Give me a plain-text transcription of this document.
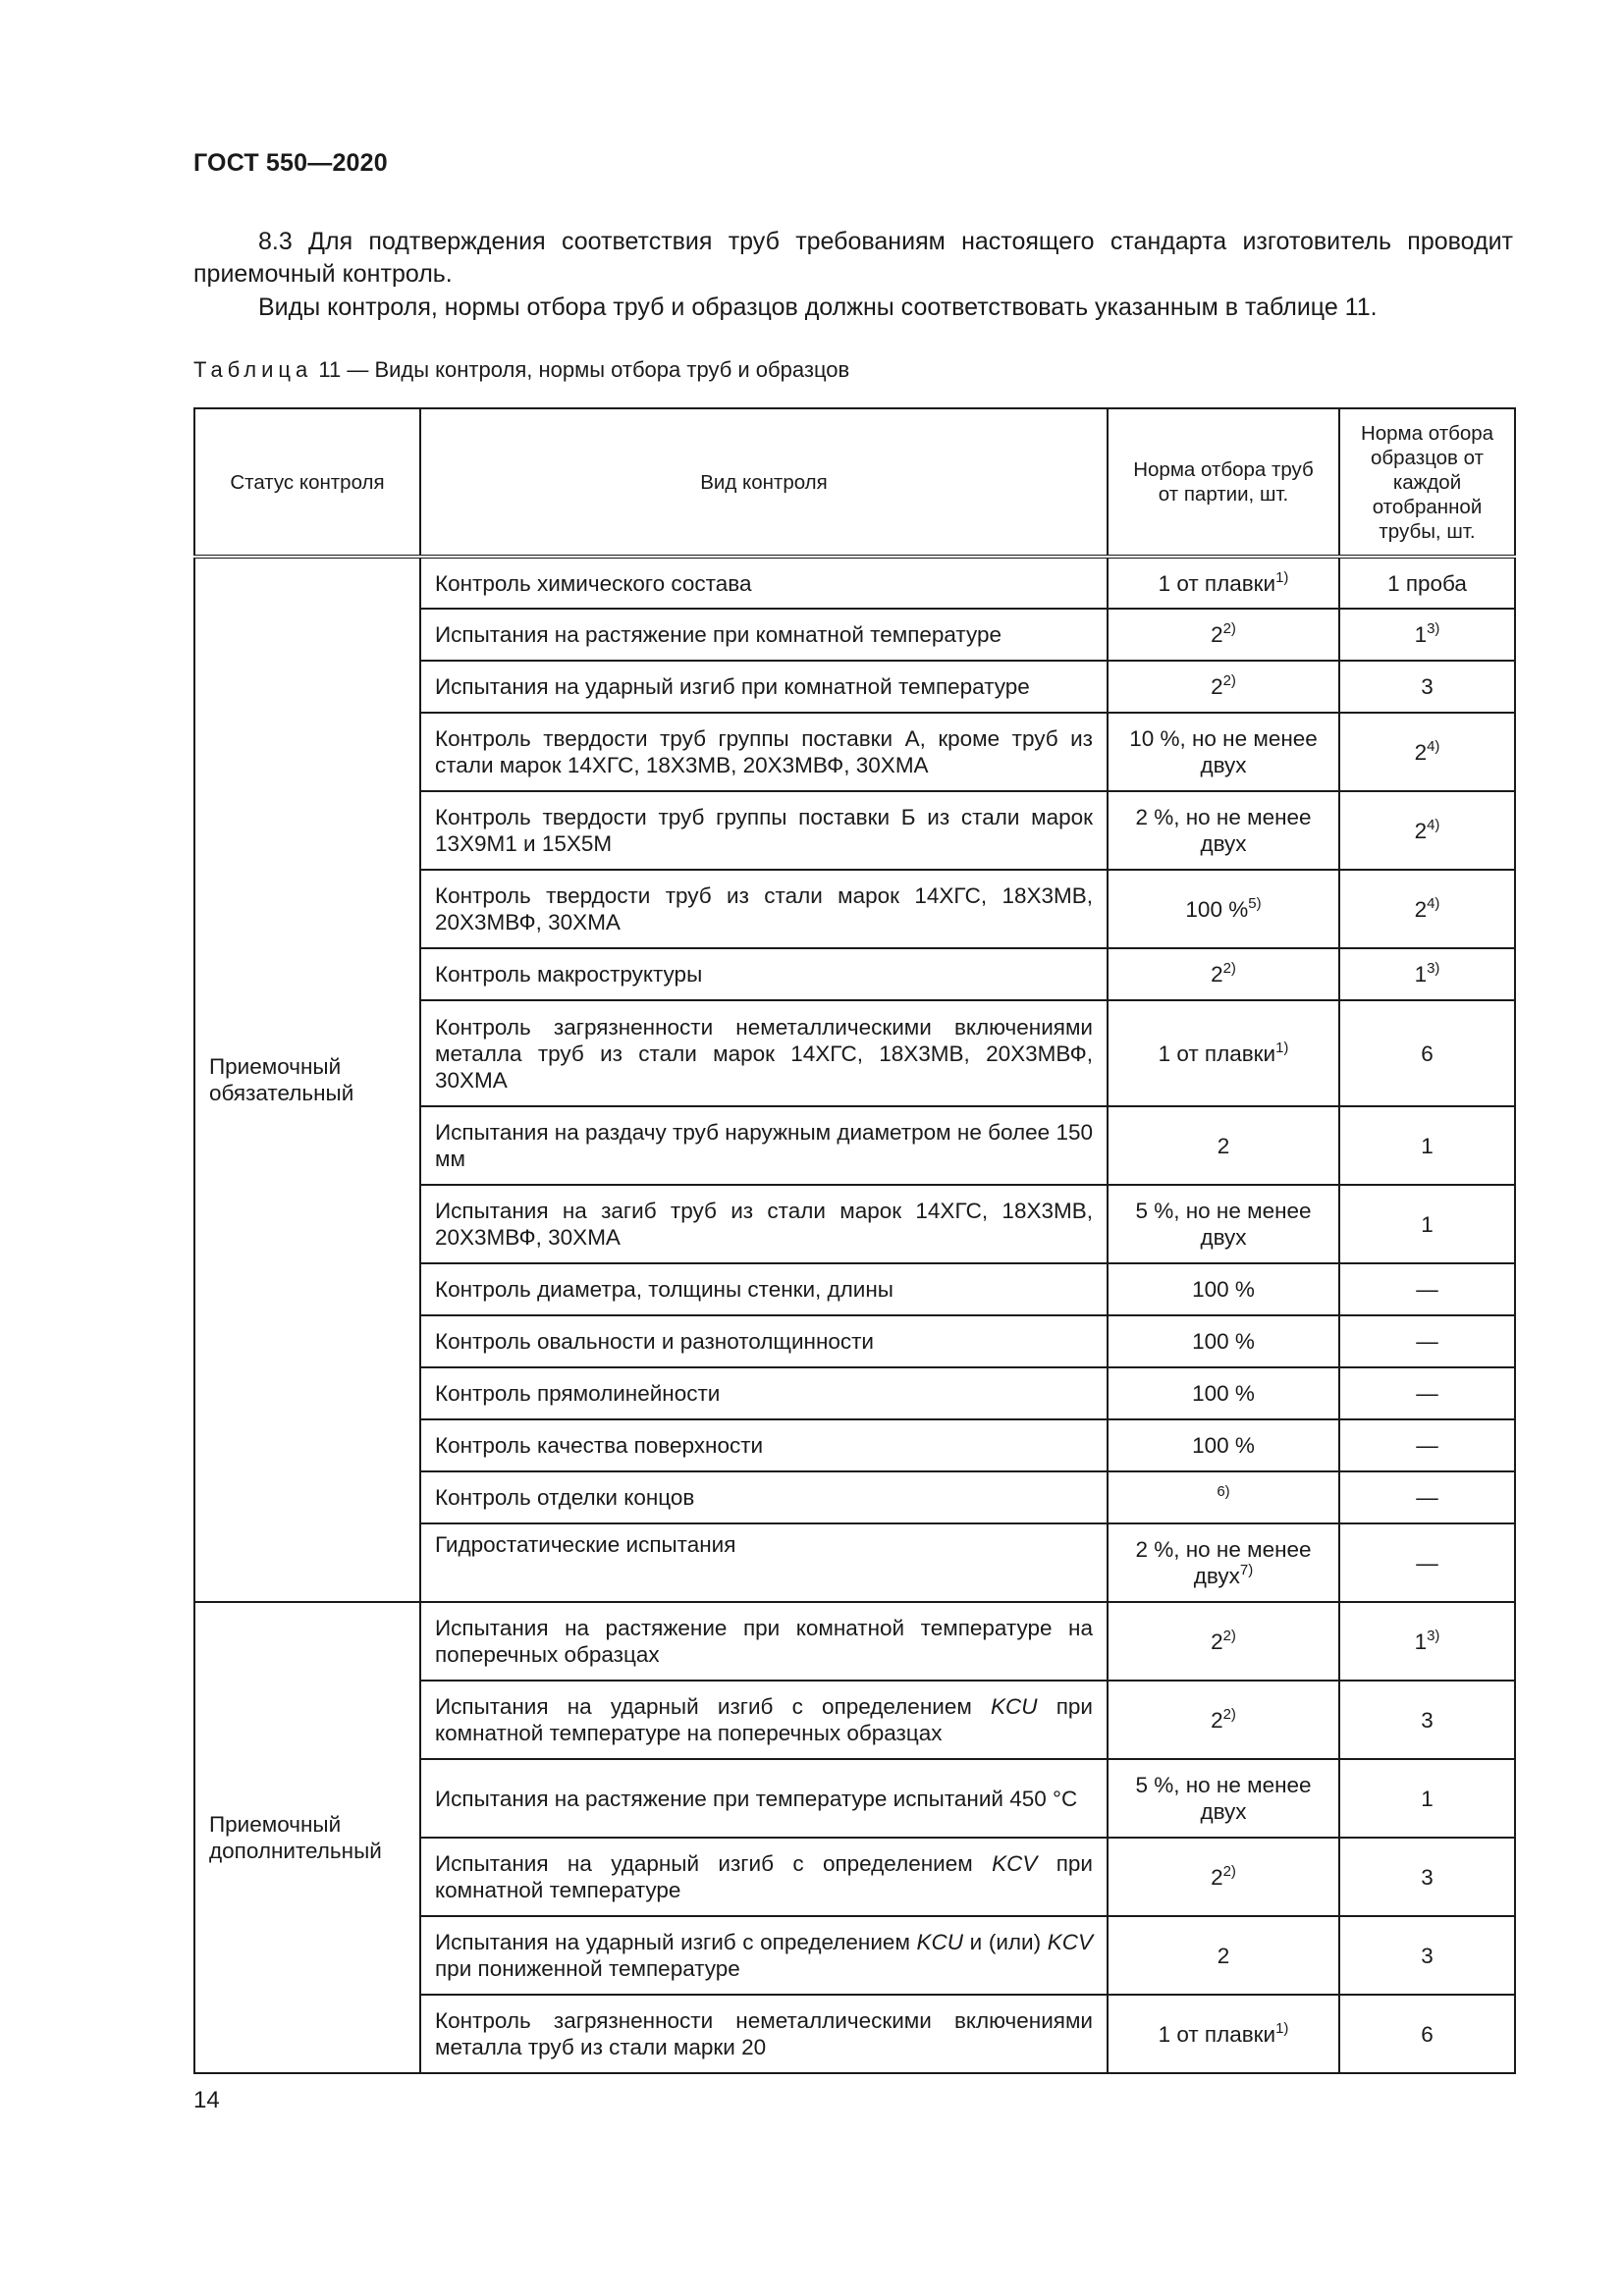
ГОСТ 550—2020
8.3 Для подтверждения соответствия труб требованиям настоящего стандарта изготовитель проводит приемочный контроль.
Виды контроля, нормы отбора труб и образцов должны соответствовать указанным в таблице 11.
Таблица 11 — Виды контроля, нормы отбора труб и образцов
Статус контроля	Вид контроля	Норма отбора труб от партии, шт.	Норма отбора образцов от каждой отобранной трубы, шт.
Приемочный обязательный	Контроль химического состава	1 от плавки$^{1)}$	1 проба
	Испытания на растяжение при комнатной температуре	2$^{2)}$	1$^{3)}$
	Испытания на ударный изгиб при комнатной температуре	2$^{2)}$	3
	Контроль твердости труб группы поставки А, кроме труб из стали марок 14ХГС, 18Х3МВ, 20Х3МВФ, 30ХМА	10 %, но не менее двух	2$^{4)}$
	Контроль твердости труб группы поставки Б из стали марок 13Х9М1 и 15Х5М	2 %, но не менее двух	2$^{4)}$
	Контроль твердости труб из стали марок 14ХГС, 18Х3МВ, 20Х3МВФ, 30ХМА	100 %$^{5)}$	2$^{4)}$
	Контроль макроструктуры	2$^{2)}$	1$^{3)}$
	Контроль загрязненности неметаллическими включениями металла труб из стали марок 14ХГС, 18Х3МВ, 20Х3МВФ, 30ХМА	1 от плавки$^{1)}$	6
	Испытания на раздачу труб наружным диаметром не более 150 мм	2	1
	Испытания на загиб труб из стали марок 14ХГС, 18Х3МВ, 20Х3МВФ, 30ХМА	5 %, но не менее двух	1
	Контроль диаметра, толщины стенки, длины	100 %	—
	Контроль овальности и разнотолщинности	100 %	—
	Контроль прямолинейности	100 %	—
	Контроль качества поверхности	100 %	—
	Контроль отделки концов	$^{6)}$	—
	Гидростатические испытания	2 %, но не менее двух$^{7)}$	—
Приемочный дополнительный	Испытания на растяжение при комнатной температуре на поперечных образцах	2$^{2)}$	1$^{3)}$
	Испытания на ударный изгиб с определением KCU при комнатной температуре на поперечных образцах	2$^{2)}$	3
	Испытания на растяжение при температуре испытаний 450 °С	5 %, но не менее двух	1
	Испытания на ударный изгиб с определением KCV при комнатной температуре	2$^{2)}$	3
	Испытания на ударный изгиб с определением KCU и (или) KCV при пониженной температуре	2	3
	Контроль загрязненности неметаллическими включениями металла труб из стали марки 20	1 от плавки$^{1)}$	6
14
